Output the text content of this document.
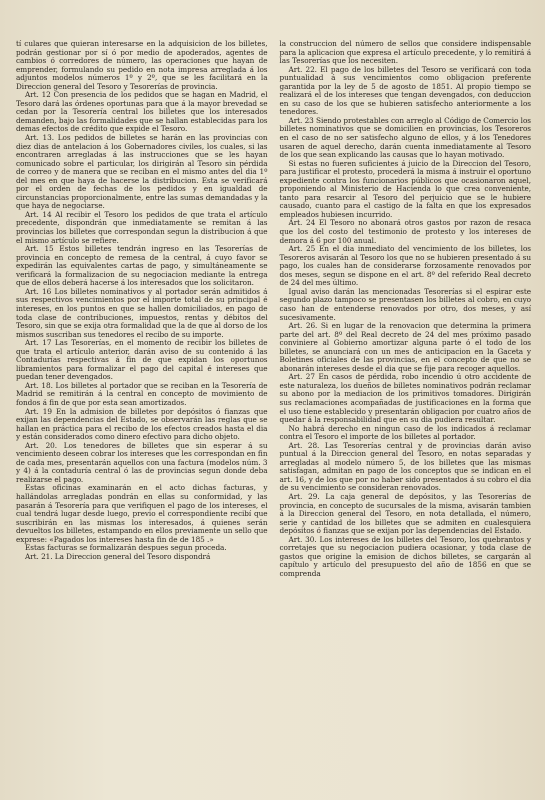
tí culares que quieran interesarse en la adquisicion de los billetes, podrán gestionar por sí ó por medio de apoderados, agentes de cambios ó corredores de número, las operaciones que hayan de emprender, formulando su pedido en nota impresa arreglada á los adjuntos modelos números 1º y 2º, que se les facilitará en la Direccion general del Tesoro y Tesorerías de provincia.

Art. 12 Con presencia de los pedidos que se hagan en Madrid, el Tesoro dará las órdenes oportunas para que á la mayor brevedad se cedan por la Tesorería central los billetes que los interesados demanden, bajo las formalidades que se hallan establecidas para los demas efectos de crédito que expide el Tesoro.

Art. 13. Los pedidos de billetes se harán en las provincias con diez dias de antelacion á los Gobernadores civiles, los cuales, si las encontraren arregladas á las instrucciones que se les hayan comunicado sobre el particular, los dirigirán al Tesoro sin pérdida de correo y de manera que se reciban en el mismo antes del dia 1º del mes en que haya de hacerse la distribucion. Esta se verificará por el orden de fechas de los pedidos y en igualdad de circunstancias proporcionalmente, entre las sumas demandadas y la que haya de negociarse.

Art. 14 Al recibir el Tesoro los pedidos de que trata el artículo precedente, dispondrán que inmediatamente se remitan á las provincias los billetes que correspondan segun la distribucion á que el mismo artículo se refiere.

Art. 15 Estos billetes tendrán ingreso en las Tesorerías de provincia en concepto de remesa de la central, á cuyo favor se expedirán las equivalentes cartas de pago, y simultáneamente se verificará la formalizacion de su negociacion mediante la entrega que de ellos deberá hacerse á los interesados que los solicitaron.

Art. 16 Los billetes nominativos y al portador serán admitidos á sus respectivos vencimientos por el importe total de su principal é intereses, en los puntos en que se hallen domiciliados, en pago de toda clase de contribuciones, impuestos, rentas y débitos del Tesoro, sin que se exija otra formalidad que la de que al dorso de los mismos suscriban sus tenedores el recibo de su importe.

Art. 17 Las Tesorerías, en el momento de recibir los billetes de que trata el artículo anterior, darán aviso de su contenido á las Contadurías respectivas á fin de que expidan los oportunos libramientos para formalizar el pago del capital é intereses que puedan tener devengados.

Art. 18. Los billetes al portador que se reciban en la Tesorería de Madrid se remitirán á la central en concepto de movimiento de fondos á fin de que por esta sean amortizados.

Art. 19 En la admision de billetes por depósitos ó fianzas que exijan las dependencias del Estado, se observarán las reglas que se hallan en práctica para el recibo de los efectos creados hasta el dia y están considerados como dinero efectivo para dicho objeto.

Art. 20. Los tenedores de billetes que sin esperar á su vencimiento deseen cobrar los intereses que les correspondan en fin de cada mes, presentarán aquellos con una factura (modelos núm. 3 y 4) á la contaduría central ó las de provincias segun donde deba realizarse el pago.

Estas oficinas examinarán en el acto dichas facturas, y hallándolas arregladas pondrán en ellas su conformidad, y las pasarán á Tesorería para que verifiquen el pago de los intereses, el cual tendrá lugar desde luego, previo el correspondiente recibí que suscribirán en las mismas los interesados, á quienes serán devueltos los billetes, estampando en ellos previamente un sello que exprese: «Pagados los intereses hasta fin de de 185 .»

Estas facturas se formalizarán despues segun proceda.

Art. 21. La Direccion general del Tesoro dispondrá

la construccion del número de sellos que considere indispensable para la aplicacion que expresa el artículo precedente, y lo remitirá á las Tesorerías que los necesiten.

Art. 22. El pago de los billetes del Tesoro se verificará con toda puntualidad á sus vencimientos como obligacion preferente garantida por la ley de 5 de agosto de 1851. Al propio tiempo se realizará el de los intereses que tengan devengados, con deduccion en su caso de los que se hubieren satisfecho anteriormente a los tenedores.

Art. 23 Siendo protestables con arreglo al Código de Comercio los billetes nominativos que se domicilien en provincias, los Tesoreros en el caso de no ser satisfecho alguno de ellos, y á los Tenedores usaren de aquel derecho, darán cuenta inmediatamente al Tesoro de los que sean explicando las causas que lo hayan motivado.

Si estas no fueren suficientes á juicio de la Direccion del Tesoro, para justificar el protesto, procederá la misma á instruir el oportuno expediente contra los funcionarios públicos que ocasionaron aquel, proponiendo al Ministerio de Hacienda lo que crea conveniente, tanto para resarcir al Tesoro del perjuicio que se le hubiere causado, cuanto para el castigo de la falta en que los expresados empleados hubiesen incurrido.

Art. 24 El Tesoro no abonará otros gastos por razon de resaca que los del costo del testimonio de protesto y los intereses de demora á 6 por 100 anual.

Art. 25 En el dia inmediato del vencimiento de los billetes, los Tesoreros avisarán al Tesoro los que no se hubieren presentado á su pago, los cuales han de considerarse forzosamente renovados por dos meses, segun se dispone en el art. 8º del referido Real decreto de 24 del mes último.

Igual aviso darán las mencionadas Tesorerías si el espirar este segundo plazo tampoco se presentasen los billetes al cobro, en cuyo caso han de entenderse renovados por otro, dos meses, y así sucesivamente.

Art. 26. Si en lugar de la renovacion que determina la primera parte del art. 8º del Real decreto de 24 del mes próximo pasado conviniere al Gobierno amortizar alguna parte ó el todo de los billetes, se anunciará con un mes de anticipacion en la Gaceta y Boletines oficiales de las provincias, en el concepto de que no se abonarán intereses desde el dia que se fije para recoger aquellos.

Art. 27 En casos de pérdida, robo incendio ú otro accidente de este naturaleza, los dueños de billetes nominativos podrán reclamar su abono por la mediacion de los primitivos tomadores. Dirigirán sus reclamaciones acompañadas de justificaciones en la forma que el uso tiene establecido y presentarán obligacion por cuatro años de quedar á la responsabilidad que en su dia pudiera resultar.

No habrá derecho en ningun caso de los indicados á reclamar contra el Tesoro el importe de los billetes al portador.

Art. 28. Las Tesorerías central y de provincias darán aviso puntual á la Direccion general del Tesoro, en notas separadas y arregladas al modelo número 5, de los billetes que las mismas satisfagan, admitan en pago de los conceptos que se indican en el art. 16, y de los que por no haber sido presentados á su cobro el dia de su vencimiento se consideran renovados.

Art. 29. La caja general de depósitos, y las Tesorerías de provincia, en concepto de sucursales de la misma, avisarán tambien á la Direccion general del Tesoro, en nota detallada, el número, serie y cantidad de los billetes que se admiten en cualesquiera depósitos ó fianzas que se exijan por las dependencias del Estado.

Art. 30. Los intereses de los billetes del Tesoro, los quebrantos y corretajes que su negociacion pudiera ocasionar, y toda clase de gastos que origine la emision de dichos billetes, se cargarán al capítulo y artículo del presupuesto del año de 1856 en que se comprenda
